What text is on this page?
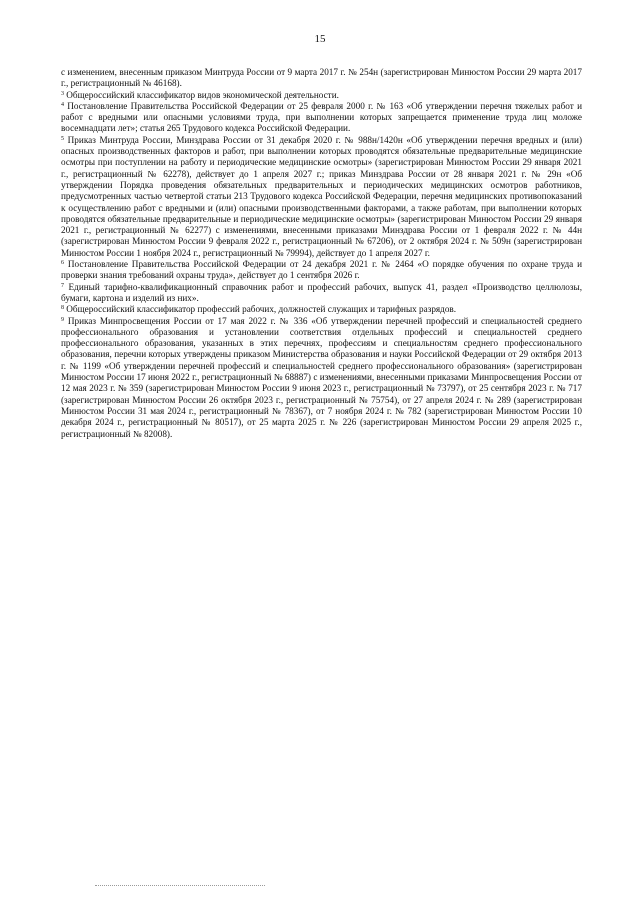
15

с изменением, внесенным приказом Минтруда России от 9 марта 2017 г. № 254н (зарегистрирован Минюстом России 29 марта 2017 г., регистрационный № 46168).

$^3$ Общероссийский классификатор видов экономической деятельности.

$^4$ Постановление Правительства Российской Федерации от 25 февраля 2000 г. № 163 «Об утверждении перечня тяжелых работ и работ с вредными или опасными условиями труда, при выполнении которых запрещается применение труда лиц моложе восемнадцати лет»; статья 265 Трудового кодекса Российской Федерации.

$^5$ Приказ Минтруда России, Минздрава России от 31 декабря 2020 г. № 988н/1420н «Об утверждении перечня вредных и (или) опасных производственных факторов и работ, при выполнении которых проводятся обязательные предварительные медицинские осмотры при поступлении на работу и периодические медицинские осмотры» (зарегистрирован Минюстом России 29 января 2021 г., регистрационный № 62278), действует до 1 апреля 2027 г.; приказ Минздрава России от 28 января 2021 г. № 29н «Об утверждении Порядка проведения обязательных предварительных и периодических медицинских осмотров работников, предусмотренных частью четвертой статьи 213 Трудового кодекса Российской Федерации, перечня медицинских противопоказаний к осуществлению работ с вредными и (или) опасными производственными факторами, а также работам, при выполнении которых проводятся обязательные предварительные и периодические медицинские осмотры» (зарегистрирован Минюстом России 29 января 2021 г., регистрационный № 62277) с изменениями, внесенными приказами Минздрава России от 1 февраля 2022 г. № 44н (зарегистрирован Минюстом России 9 февраля 2022 г., регистрационный № 67206), от 2 октября 2024 г. № 509н (зарегистрирован Минюстом России 1 ноября 2024 г., регистрационный № 79994), действует до 1 апреля 2027 г.

$^6$ Постановление Правительства Российской Федерации от 24 декабря 2021 г. № 2464 «О порядке обучения по охране труда и проверки знания требований охраны труда», действует до 1 сентября 2026 г.

$^7$ Единый тарифно-квалификационный справочник работ и профессий рабочих, выпуск 41, раздел «Производство целлюлозы, бумаги, картона и изделий из них».

$^8$ Общероссийский классификатор профессий рабочих, должностей служащих и тарифных разрядов.

$^9$ Приказ Минпросвещения России от 17 мая 2022 г. № 336 «Об утверждении перечней профессий и специальностей среднего профессионального образования и установлении соответствия отдельных профессий и специальностей среднего профессионального образования, указанных в этих перечнях, профессиям и специальностям среднего профессионального образования, перечни которых утверждены приказом Министерства образования и науки Российской Федерации от 29 октября 2013 г. № 1199 «Об утверждении перечней профессий и специальностей среднего профессионального образования» (зарегистрирован Минюстом России 17 июня 2022 г., регистрационный № 68887) с изменениями, внесенными приказами Минпросвещения России от 12 мая 2023 г. № 359 (зарегистрирован Минюстом России 9 июня 2023 г., регистрационный № 73797), от 25 сентября 2023 г. № 717 (зарегистрирован Минюстом России 26 октября 2023 г., регистрационный № 75754), от 27 апреля 2024 г. № 289 (зарегистрирован Минюстом России 31 мая 2024 г., регистрационный № 78367), от 7 ноября 2024 г. № 782 (зарегистрирован Минюстом России 10 декабря 2024 г., регистрационный № 80517), от 25 марта 2025 г. № 226 (зарегистрирован Минюстом России 29 апреля 2025 г., регистрационный № 82008).
